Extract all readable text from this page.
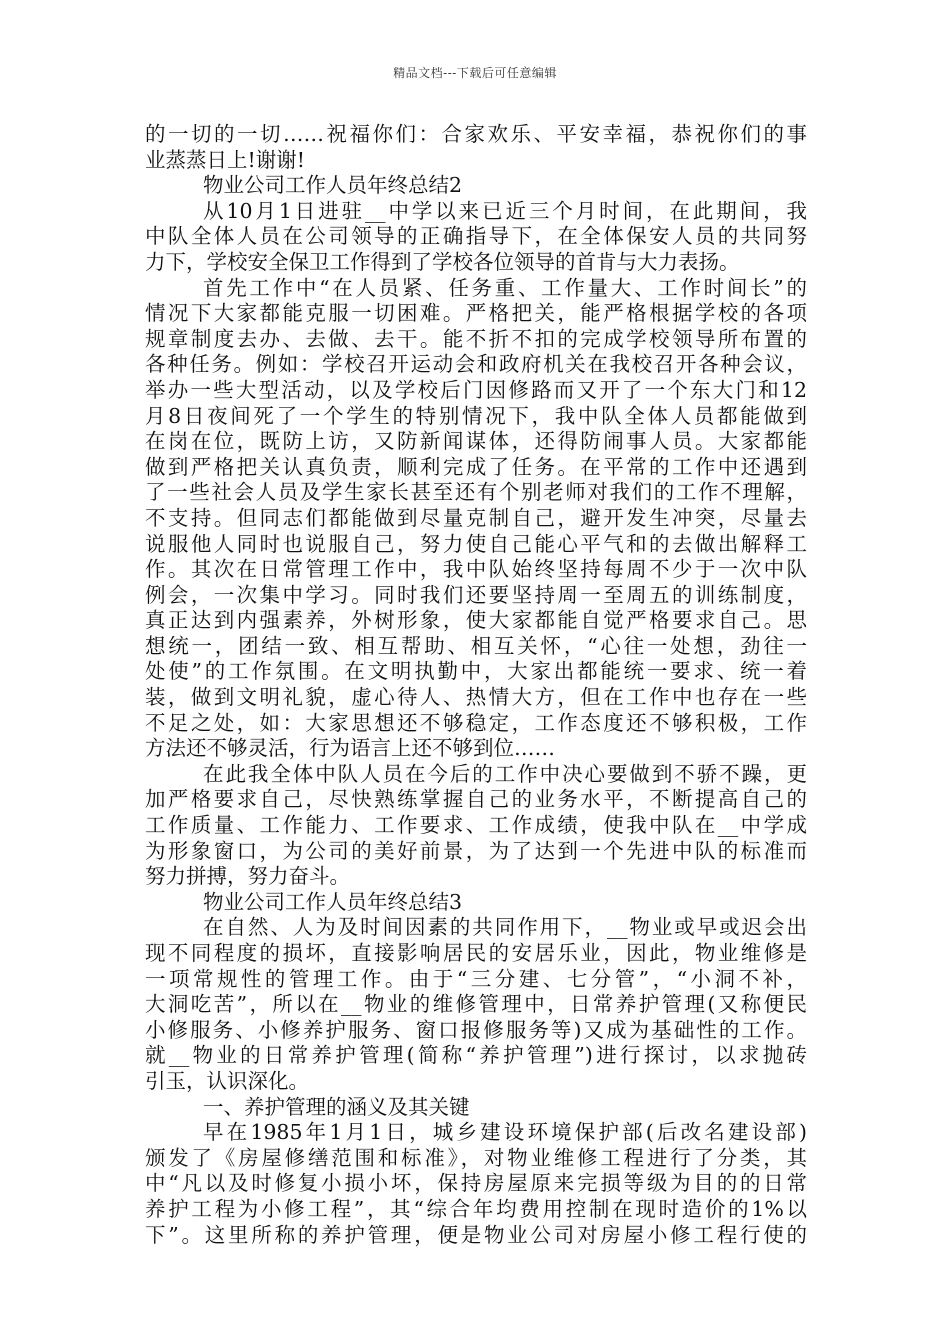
精品文档---下载后可任意编辑
的一切的一切……祝福你们：合家欢乐、平安幸福，恭祝你们的事
业蒸蒸日上!谢谢!
物业公司工作人员年终总结2
从10月1日进驻__中学以来已近三个月时间，在此期间，我
中队全体人员在公司领导的正确指导下，在全体保安人员的共同努
力下，学校安全保卫工作得到了学校各位领导的首肯与大力表扬。
首先工作中“在人员紧、任务重、工作量大、工作时间长”的
情况下大家都能克服一切困难。严格把关，能严格根据学校的各项
规章制度去办、去做、去干。能不折不扣的完成学校领导所布置的
各种任务。例如：学校召开运动会和政府机关在我校召开各种会议，
举办一些大型活动，以及学校后门因修路而又开了一个东大门和12
月8日夜间死了一个学生的特别情况下，我中队全体人员都能做到
在岗在位，既防上访，又防新闻谋体，还得防闹事人员。大家都能
做到严格把关认真负责，顺利完成了任务。在平常的工作中还遇到
了一些社会人员及学生家长甚至还有个别老师对我们的工作不理解，
不支持。但同志们都能做到尽量克制自己，避开发生冲突，尽量去
说服他人同时也说服自己，努力使自己能心平气和的去做出解释工
作。其次在日常管理工作中，我中队始终坚持每周不少于一次中队
例会，一次集中学习。同时我们还要坚持周一至周五的训练制度，
真正达到内强素养，外树形象，使大家都能自觉严格要求自己。思
想统一，团结一致、相互帮助、相互关怀，“心往一处想，劲往一
处使”的工作氛围。在文明执勤中，大家出都能统一要求、统一着
装，做到文明礼貌，虚心待人、热情大方，但在工作中也存在一些
不足之处，如：大家思想还不够稳定，工作态度还不够积极，工作
方法还不够灵活，行为语言上还不够到位……
在此我全体中队人员在今后的工作中决心要做到不骄不躁，更
加严格要求自己，尽快熟练掌握自己的业务水平，不断提高自己的
工作质量、工作能力、工作要求、工作成绩，使我中队在__中学成
为形象窗口，为公司的美好前景，为了达到一个先进中队的标准而
努力拼搏，努力奋斗。
物业公司工作人员年终总结3
在自然、人为及时间因素的共同作用下，__物业或早或迟会出
现不同程度的损坏，直接影响居民的安居乐业，因此，物业维修是
一项常规性的管理工作。由于“三分建、七分管”，“小洞不补，
大洞吃苦”，所以在__物业的维修管理中，日常养护管理(又称便民
小修服务、小修养护服务、窗口报修服务等)又成为基础性的工作。
就__物业的日常养护管理(简称“养护管理”)进行探讨，以求抛砖
引玉，认识深化。
一、养护管理的涵义及其关键
早在1985年1月1日，城乡建设环境保护部(后改名建设部)
颁发了《房屋修缮范围和标准》，对物业维修工程进行了分类，其
中“凡以及时修复小损小坏，保持房屋原来完损等级为目的的日常
养护工程为小修工程”，其“综合年均费用控制在现时造价的1%以
下”。这里所称的养护管理，便是物业公司对房屋小修工程行使的
